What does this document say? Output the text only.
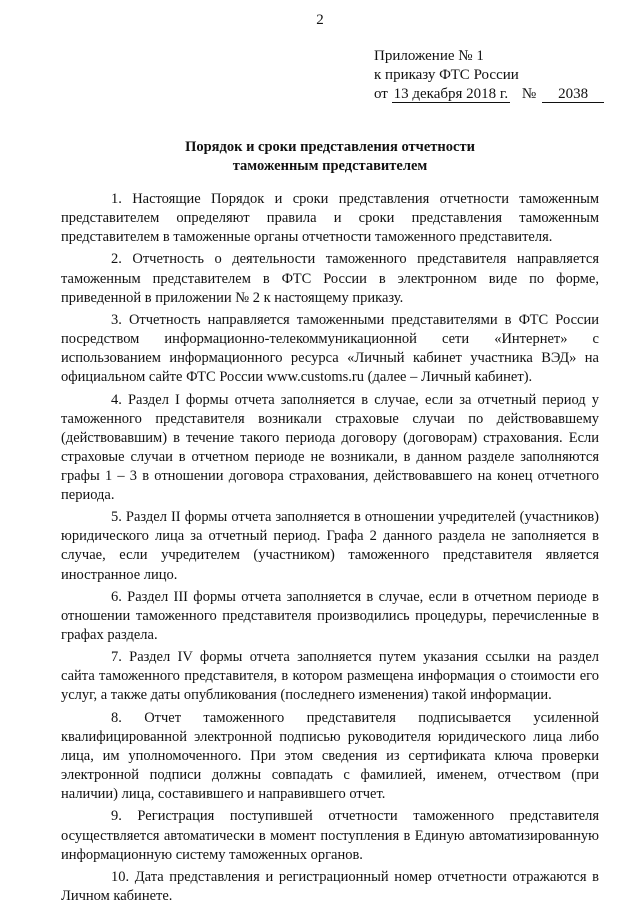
2
Приложение № 1
к приказу ФТС России
от 13 декабря 2018 г. № 2038
Порядок и сроки представления отчетности
таможенным представителем

1. Настоящие Порядок и сроки представления отчетности таможенным представителем определяют правила и сроки представления таможенным представителем в таможенные органы отчетности таможенного представителя.

2. Отчетность о деятельности таможенного представителя направляется таможенным представителем в ФТС России в электронном виде по форме, приведенной в приложении № 2 к настоящему приказу.

3. Отчетность направляется таможенными представителями в ФТС России посредством информационно-телекоммуникационной сети «Интернет» с использованием информационного ресурса «Личный кабинет участника ВЭД» на официальном сайте ФТС России www.customs.ru (далее – Личный кабинет).

4. Раздел I формы отчета заполняется в случае, если за отчетный период у таможенного представителя возникали страховые случаи по действовавшему (действовавшим) в течение такого периода договору (договорам) страхования. Если страховые случаи в отчетном периоде не возникали, в данном разделе заполняются графы 1 – 3 в отношении договора страхования, действовавшего на конец отчетного периода.

5. Раздел II формы отчета заполняется в отношении учредителей (участников) юридического лица за отчетный период. Графа 2 данного раздела не заполняется в случае, если учредителем (участником) таможенного представителя является иностранное лицо.

6. Раздел III формы отчета заполняется в случае, если в отчетном периоде в отношении таможенного представителя производились процедуры, перечисленные в графах раздела.

7. Раздел IV формы отчета заполняется путем указания ссылки на раздел сайта таможенного представителя, в котором размещена информация о стоимости его услуг, а также даты опубликования (последнего изменения) такой информации.

8. Отчет таможенного представителя подписывается усиленной квалифицированной электронной подписью руководителя юридического лица либо лица, им уполномоченного. При этом сведения из сертификата ключа проверки электронной подписи должны совпадать с фамилией, именем, отчеством (при наличии) лица, составившего и направившего отчет.

9. Регистрация поступившей отчетности таможенного представителя осуществляется автоматически в момент поступления в Единую автоматизированную информационную систему таможенных органов.

10. Дата представления и регистрационный номер отчетности отражаются в Личном кабинете.
